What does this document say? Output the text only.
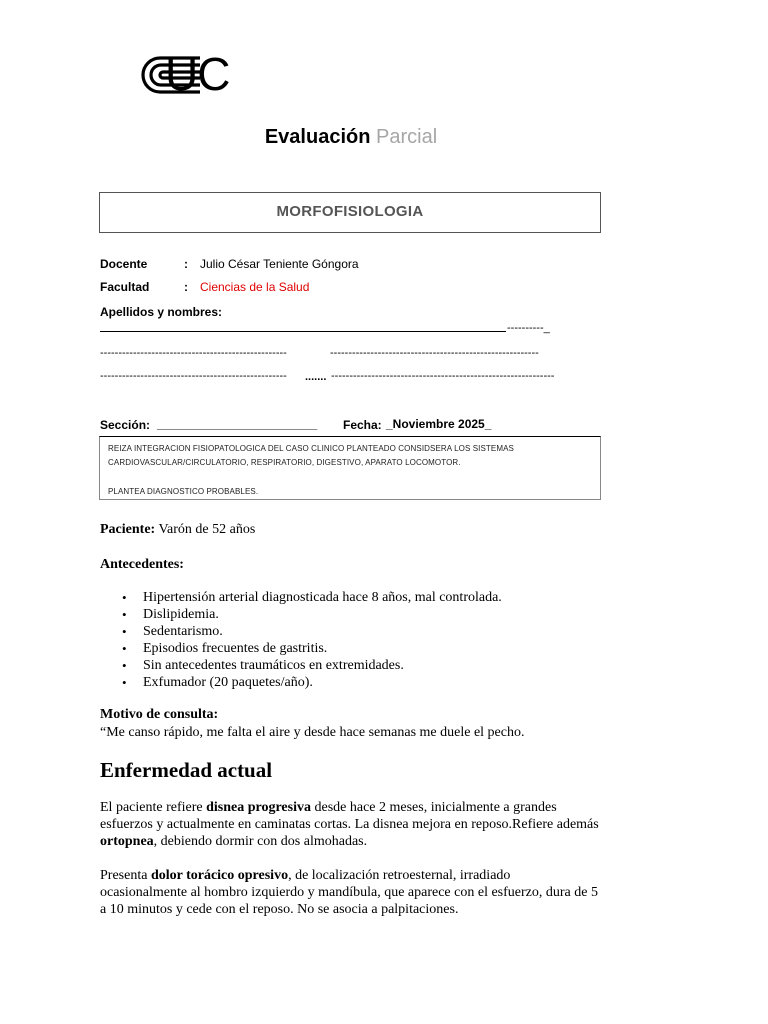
UC
Evaluación Parcial
MORFOFISIOLOGIA
Docente	: Julio César Teniente Góngora
Facultad	: Ciencias de la Salud
Apellidos y nombres:
----------_
---------------------------------------------------	---------------------------------------------------------
---------------------------------------------------	....... -------------------------------------------------------------
Sección: ________________________ Fecha: _Noviembre 2025_
REIZA INTEGRACION FISIOPATOLOGICA DEL CASO CLINICO PLANTEADO CONSIDSERA LOS SISTEMAS
CARDIOVASCULAR/CIRCULATORIO, RESPIRATORIO, DIGESTIVO, APARATO LOCOMOTOR.
PLANTEA DIAGNOSTICO PROBABLES.
Paciente: Varón de 52 años
Antecedentes:
• Hipertensión arterial diagnosticada hace 8 años, mal controlada.
• Dislipidemia.
• Sedentarismo.
• Episodios frecuentes de gastritis.
• Sin antecedentes traumáticos en extremidades.
• Exfumador (20 paquetes/año).
Motivo de consulta:
“Me canso rápido, me falta el aire y desde hace semanas me duele el pecho.
Enfermedad actual
El paciente refiere disnea progresiva desde hace 2 meses, inicialmente a grandes esfuerzos y actualmente en caminatas cortas. La disnea mejora en reposo.Refiere además ortopnea, debiendo dormir con dos almohadas.
Presenta dolor torácico opresivo, de localización retroesternal, irradiado ocasionalmente al hombro izquierdo y mandíbula, que aparece con el esfuerzo, dura de 5 a 10 minutos y cede con el reposo. No se asocia a palpitaciones.
